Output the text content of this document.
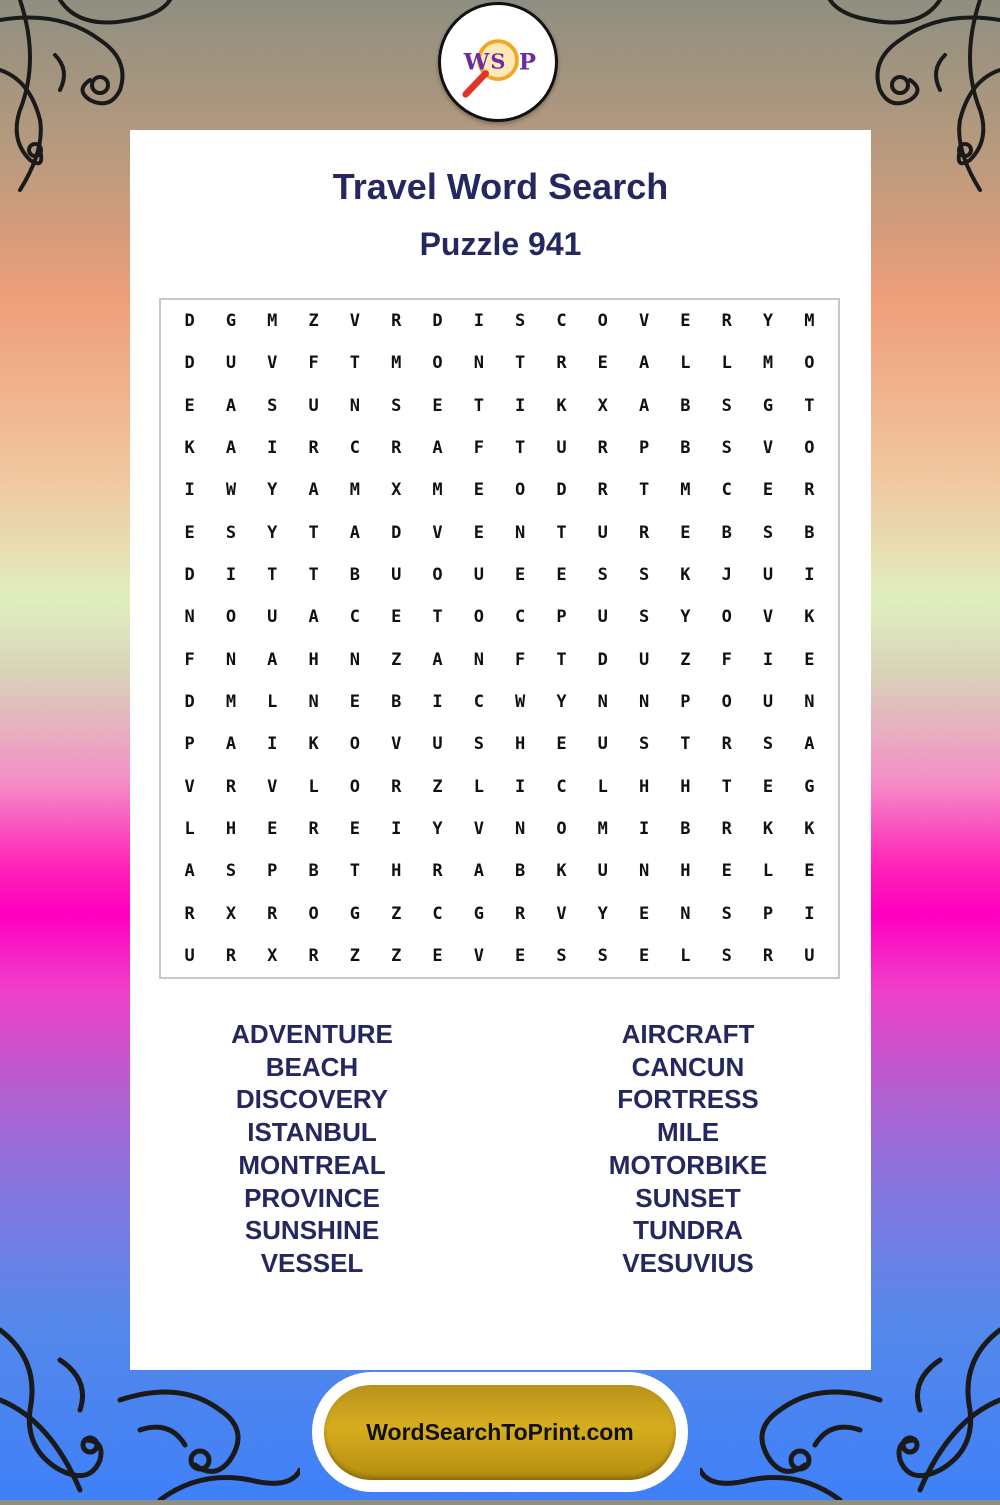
W S P
Travel Word Search
Puzzle 941
D	G	M	Z	V	R	D	I	S	C	O	V	E	R	Y	M
D	U	V	F	T	M	O	N	T	R	E	A	L	L	M	O
E	A	S	U	N	S	E	T	I	K	X	A	B	S	G	T
K	A	I	R	C	R	A	F	T	U	R	P	B	S	V	O
I	W	Y	A	M	X	M	E	O	D	R	T	M	C	E	R
E	S	Y	T	A	D	V	E	N	T	U	R	E	B	S	B
D	I	T	T	B	U	O	U	E	E	S	S	K	J	U	I
N	O	U	A	C	E	T	O	C	P	U	S	Y	O	V	K
F	N	A	H	N	Z	A	N	F	T	D	U	Z	F	I	E
D	M	L	N	E	B	I	C	W	Y	N	N	P	O	U	N
P	A	I	K	O	V	U	S	H	E	U	S	T	R	S	A
V	R	V	L	O	R	Z	L	I	C	L	H	H	T	E	G
L	H	E	R	E	I	Y	V	N	O	M	I	B	R	K	K
A	S	P	B	T	H	R	A	B	K	U	N	H	E	L	E
R	X	R	O	G	Z	C	G	R	V	Y	E	N	S	P	I
U	R	X	R	Z	Z	E	V	E	S	S	E	L	S	R	U
ADVENTURE
BEACH
DISCOVERY
ISTANBUL
MONTREAL
PROVINCE
SUNSHINE
VESSEL
AIRCRAFT
CANCUN
FORTRESS
MILE
MOTORBIKE
SUNSET
TUNDRA
VESUVIUS
WordSearchToPrint.com
